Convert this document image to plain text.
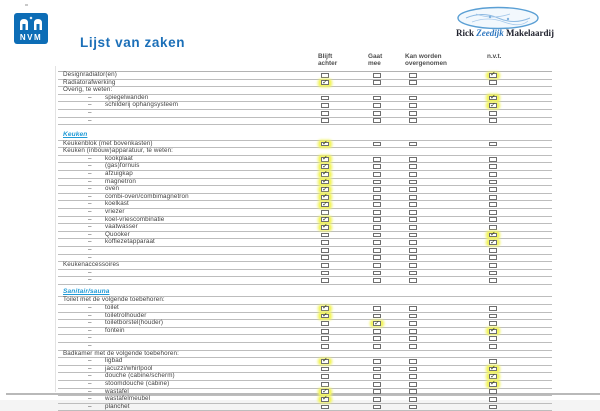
NVM	Lijst van zaken
Rick Zeedijk Makelaardij
Blijft achter
Gaat mee
Kan worden overgenomen
n.v.t.
Designradiator(en)
✓
Radiatorafwerking
✓
Overig, te weten:
– spiegelwanden
✓
– schilderij ophangsysteem
✓
–
–
Keuken
Keukenblok (met bovenkasten)
✓
Keuken (inbouw)apparatuur, te weten:
– kookplaat
✓
– (gas)fornuis
✓
– afzuigkap
✓
– magnetron
✓
– oven
✓
– combi-oven/combimagnetron
✓
– koelkast
✓
– vriezer
– koel-vriescombinatie
✓
– vaatwasser
✓
– Quooker
✓
– koffiezetapparaat
✓
–
–
Keukenaccessoires
–
–
Sanitair/sauna
Toilet met de volgende toebehoren:
– toilet
✓
– toiletrolhouder
✓
– toiletborstel(houder)
✓
– fontein
✓
–
–
Badkamer met de volgende toebehoren:
– ligbad
✓
– jacuzzi/whirlpool
✓
– douche (cabine/scherm)
✓
– stoomdouche (cabine)
✓
– wastafel
✓
– wastafelmeubel
✓
– planchet
